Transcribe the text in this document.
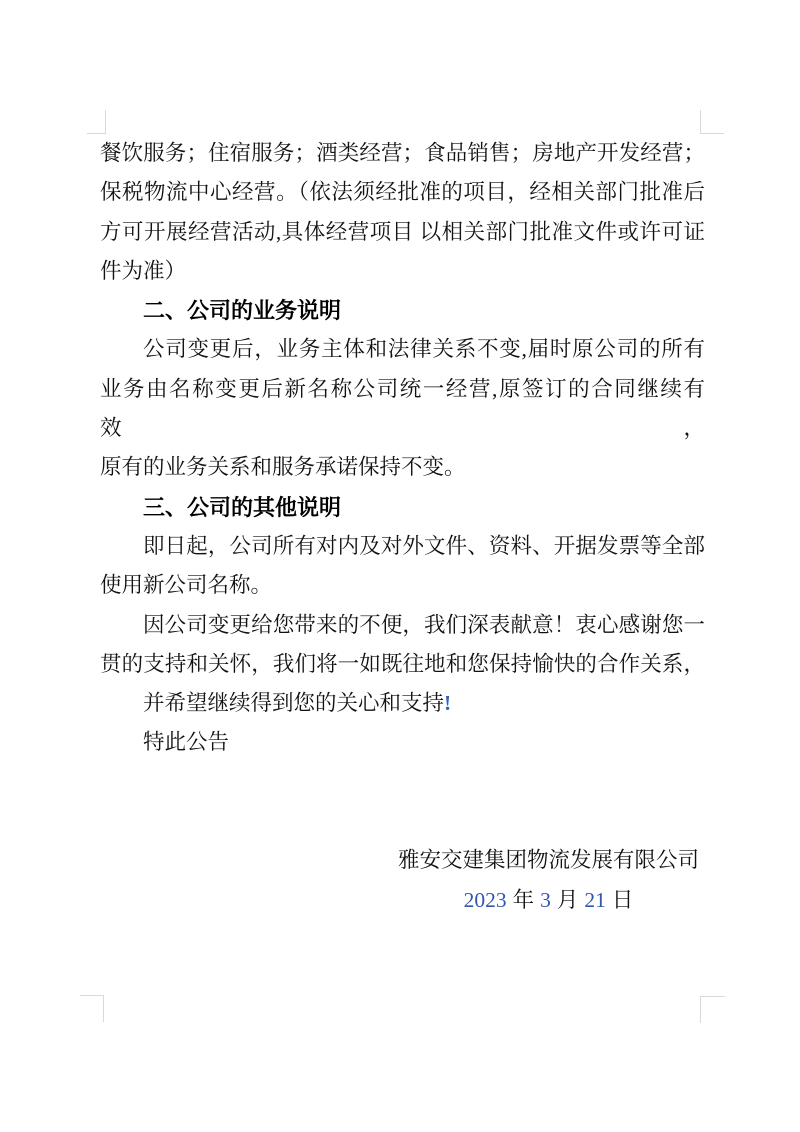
餐饮服务；住宿服务；酒类经营；食品销售；房地产开发经营；
保税物流中心经营。（依法须经批准的项目，经相关部门批准后
方可开展经营活动,具体经营项目 以相关部门批准文件或许可证
件为准）
二、公司的业务说明
公司变更后，业务主体和法律关系不变,届时原公司的所有
业务由名称变更后新名称公司统一经营,原签订的合同继续有效，
原有的业务关系和服务承诺保持不变。
三、公司的其他说明
即日起，公司所有对内及对外文件、资料、开据发票等全部
使用新公司名称。
因公司变更给您带来的不便，我们深表献意！衷心感谢您一
贯的支持和关怀，我们将一如既往地和您保持愉快的合作关系，
并希望继续得到您的关心和支持!
特此公告
雅安交建集团物流发展有限公司
2023 年 3 月 21 日
